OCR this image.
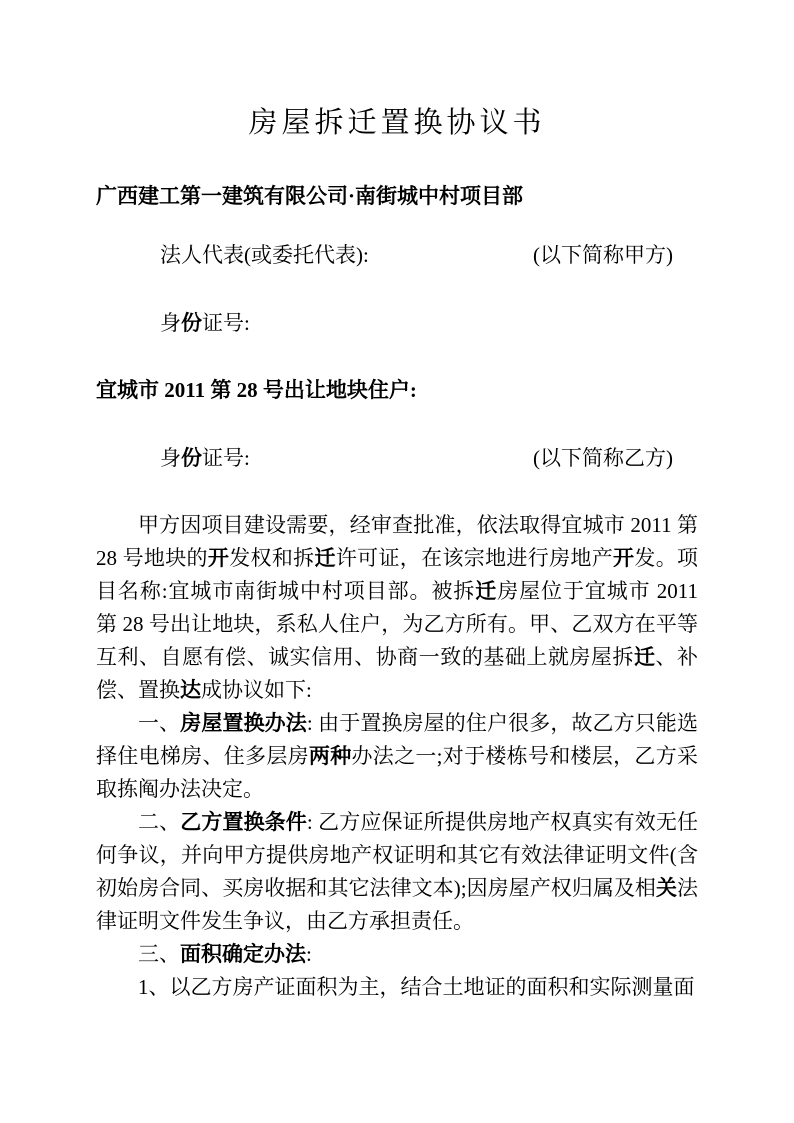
房屋拆迁置换协议书
广西建工第一建筑有限公司·南街城中村项目部
法人代表(或委托代表):	(以下简称甲方)
身份证号:
宜城市 2011 第 28 号出让地块住户:
身份证号:	(以下简称乙方)

甲方因项目建设需要，经审查批准，依法取得宜城市 2011 第 28 号地块的开发权和拆迁许可证，在该宗地进行房地产开发。项目名称:宜城市南街城中村项目部。被拆迁房屋位于宜城市 2011 第 28 号出让地块，系私人住户，为乙方所有。甲、乙双方在平等互利、自愿有偿、诚实信用、协商一致的基础上就房屋拆迁、补偿、置换达成协议如下:

一、房屋置换办法: 由于置换房屋的住户很多，故乙方只能选择住电梯房、住多层房两种办法之一;对于楼栋号和楼层，乙方采取拣阄办法决定。

二、乙方置换条件: 乙方应保证所提供房地产权真实有效无任何争议，并向甲方提供房地产权证明和其它有效法律证明文件(含初始房合同、买房收据和其它法律文本);因房屋产权归属及相关法律证明文件发生争议，由乙方承担责任。

三、面积确定办法:

1、以乙方房产证面积为主，结合土地证的面积和实际测量面
